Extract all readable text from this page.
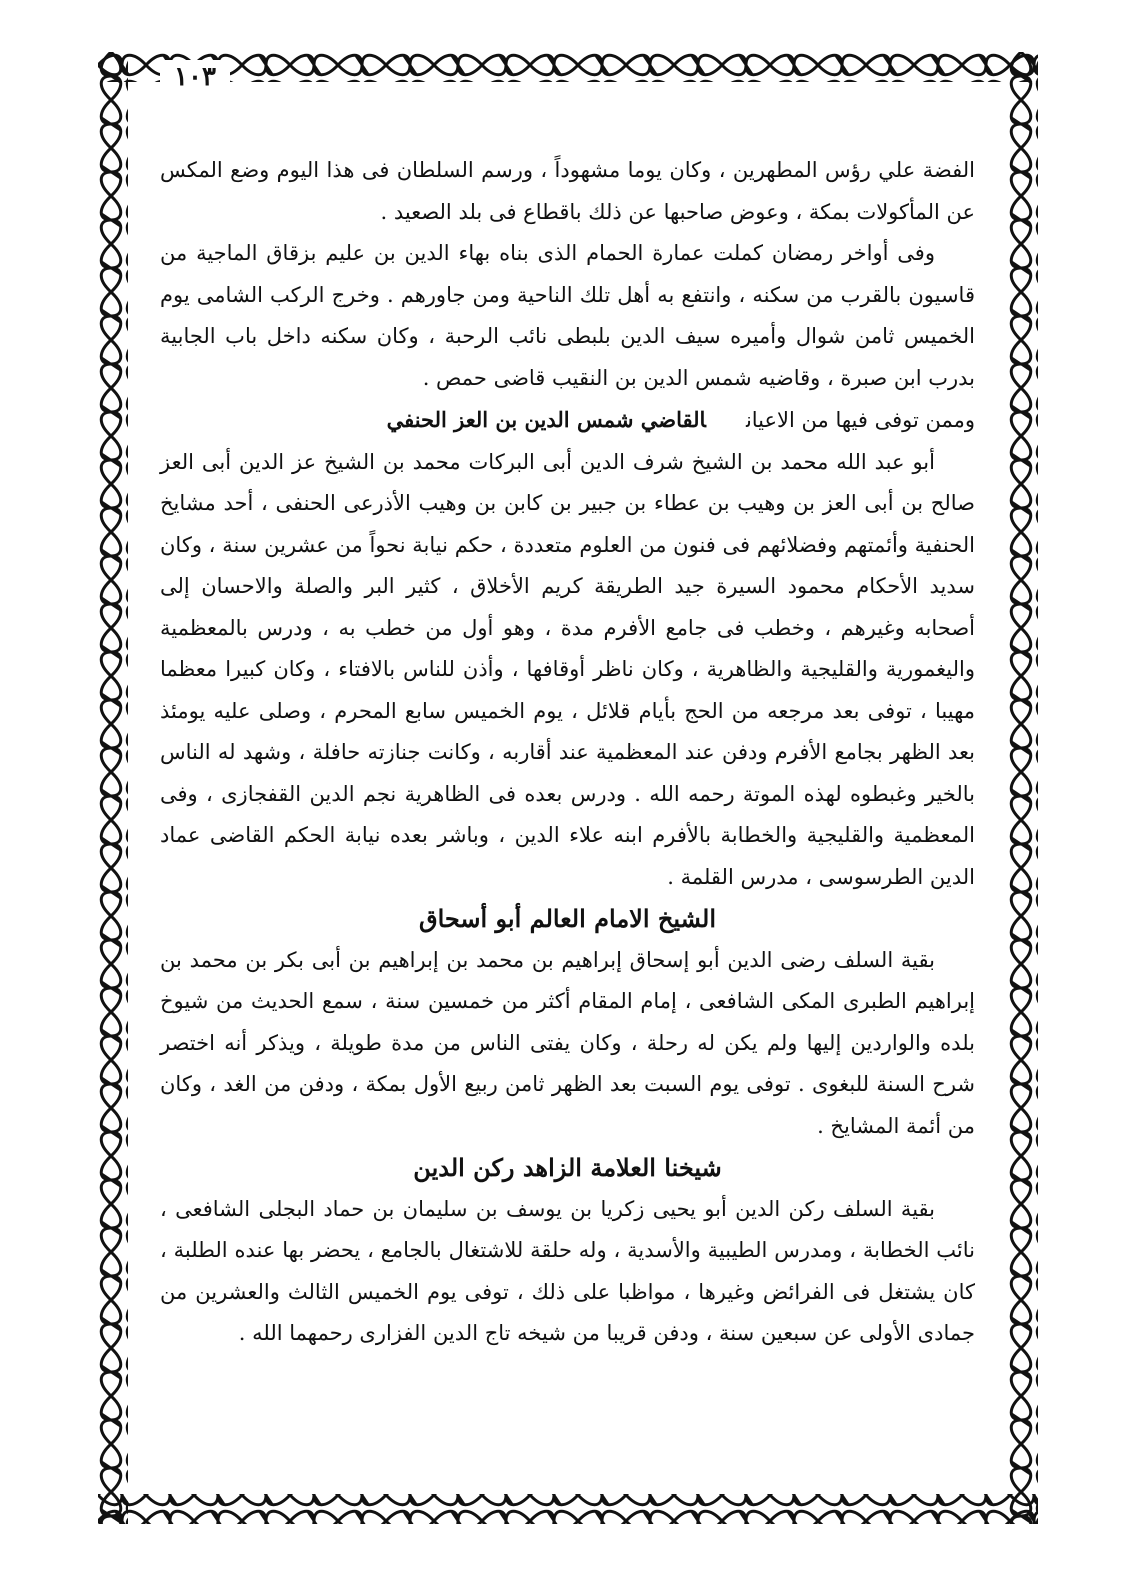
١٠٣

الفضة علي رؤس المطهرين ، وكان يوما مشهوداً ، ورسم السلطان فى هذا اليوم وضع المكس عن المأكولات بمكة ، وعوض صاحبها عن ذلك باقطاع فى بلد الصعيد .

وفى أواخر رمضان كملت عمارة الحمام الذى بناه بهاء الدين بن عليم بزقاق الماجية من قاسيون بالقرب من سكنه ، وانتفع به أهل تلك الناحية ومن جاورهم . وخرج الركب الشامى يوم الخميس ثامن شوال وأميره سيف الدين بلبطى نائب الرحبة ، وكان سكنه داخل باب الجابية بدرب ابن صبرة ، وقاضيه شمس الدين بن النقيب قاضى حمص .

وممن توفى فيها من الاعيانالقاضي شمس الدين بن العز الحنفي

أبو عبد الله محمد بن الشيخ شرف الدين أبى البركات محمد بن الشيخ عز الدين أبى العز صالح بن أبى العز بن وهيب بن عطاء بن جبير بن كابن بن وهيب الأذرعى الحنفى ، أحد مشايخ الحنفية وأئمتهم وفضلائهم فى فنون من العلوم متعددة ، حكم نيابة نحواً من عشرين سنة ، وكان سديد الأحكام محمود السيرة جيد الطريقة كريم الأخلاق ، كثير البر والصلة والاحسان إلى أصحابه وغيرهم ، وخطب فى جامع الأفرم مدة ، وهو أول من خطب به ، ودرس بالمعظمية واليغمورية والقليجية والظاهرية ، وكان ناظر أوقافها ، وأذن للناس بالافتاء ، وكان كبيرا معظما مهيبا ، توفى بعد مرجعه من الحج بأيام قلائل ، يوم الخميس سابع المحرم ، وصلى عليه يومئذ بعد الظهر بجامع الأفرم ودفن عند المعظمية عند أقاربه ، وكانت جنازته حافلة ، وشهد له الناس بالخير وغبطوه لهذه الموتة رحمه الله . ودرس بعده فى الظاهرية نجم الدين القفجازى ، وفى المعظمية والقليجية والخطابة بالأفرم ابنه علاء الدين ، وباشر بعده نيابة الحكم القاضى عماد الدين الطرسوسى ، مدرس القلمة .

الشيخ الامام العالم أبو أسحاق

بقية السلف رضى الدين أبو إسحاق إبراهيم بن محمد بن إبراهيم بن أبى بكر بن محمد بن إبراهيم الطبرى المكى الشافعى ، إمام المقام أكثر من خمسين سنة ، سمع الحديث من شيوخ بلده والواردين إليها ولم يكن له رحلة ، وكان يفتى الناس من مدة طويلة ، ويذكر أنه اختصر شرح السنة للبغوى . توفى يوم السبت بعد الظهر ثامن ربيع الأول بمكة ، ودفن من الغد ، وكان من أئمة المشايخ .

شيخنا العلامة الزاهد ركن الدين

بقية السلف ركن الدين أبو يحيى زكريا بن يوسف بن سليمان بن حماد البجلى الشافعى ، نائب الخطابة ، ومدرس الطيبية والأسدية ، وله حلقة للاشتغال بالجامع ، يحضر بها عنده الطلبة ، كان يشتغل فى الفرائض وغيرها ، مواظبا على ذلك ، توفى يوم الخميس الثالث والعشرين من جمادى الأولى عن سبعين سنة ، ودفن قريبا من شيخه تاج الدين الفزارى رحمهما الله .
